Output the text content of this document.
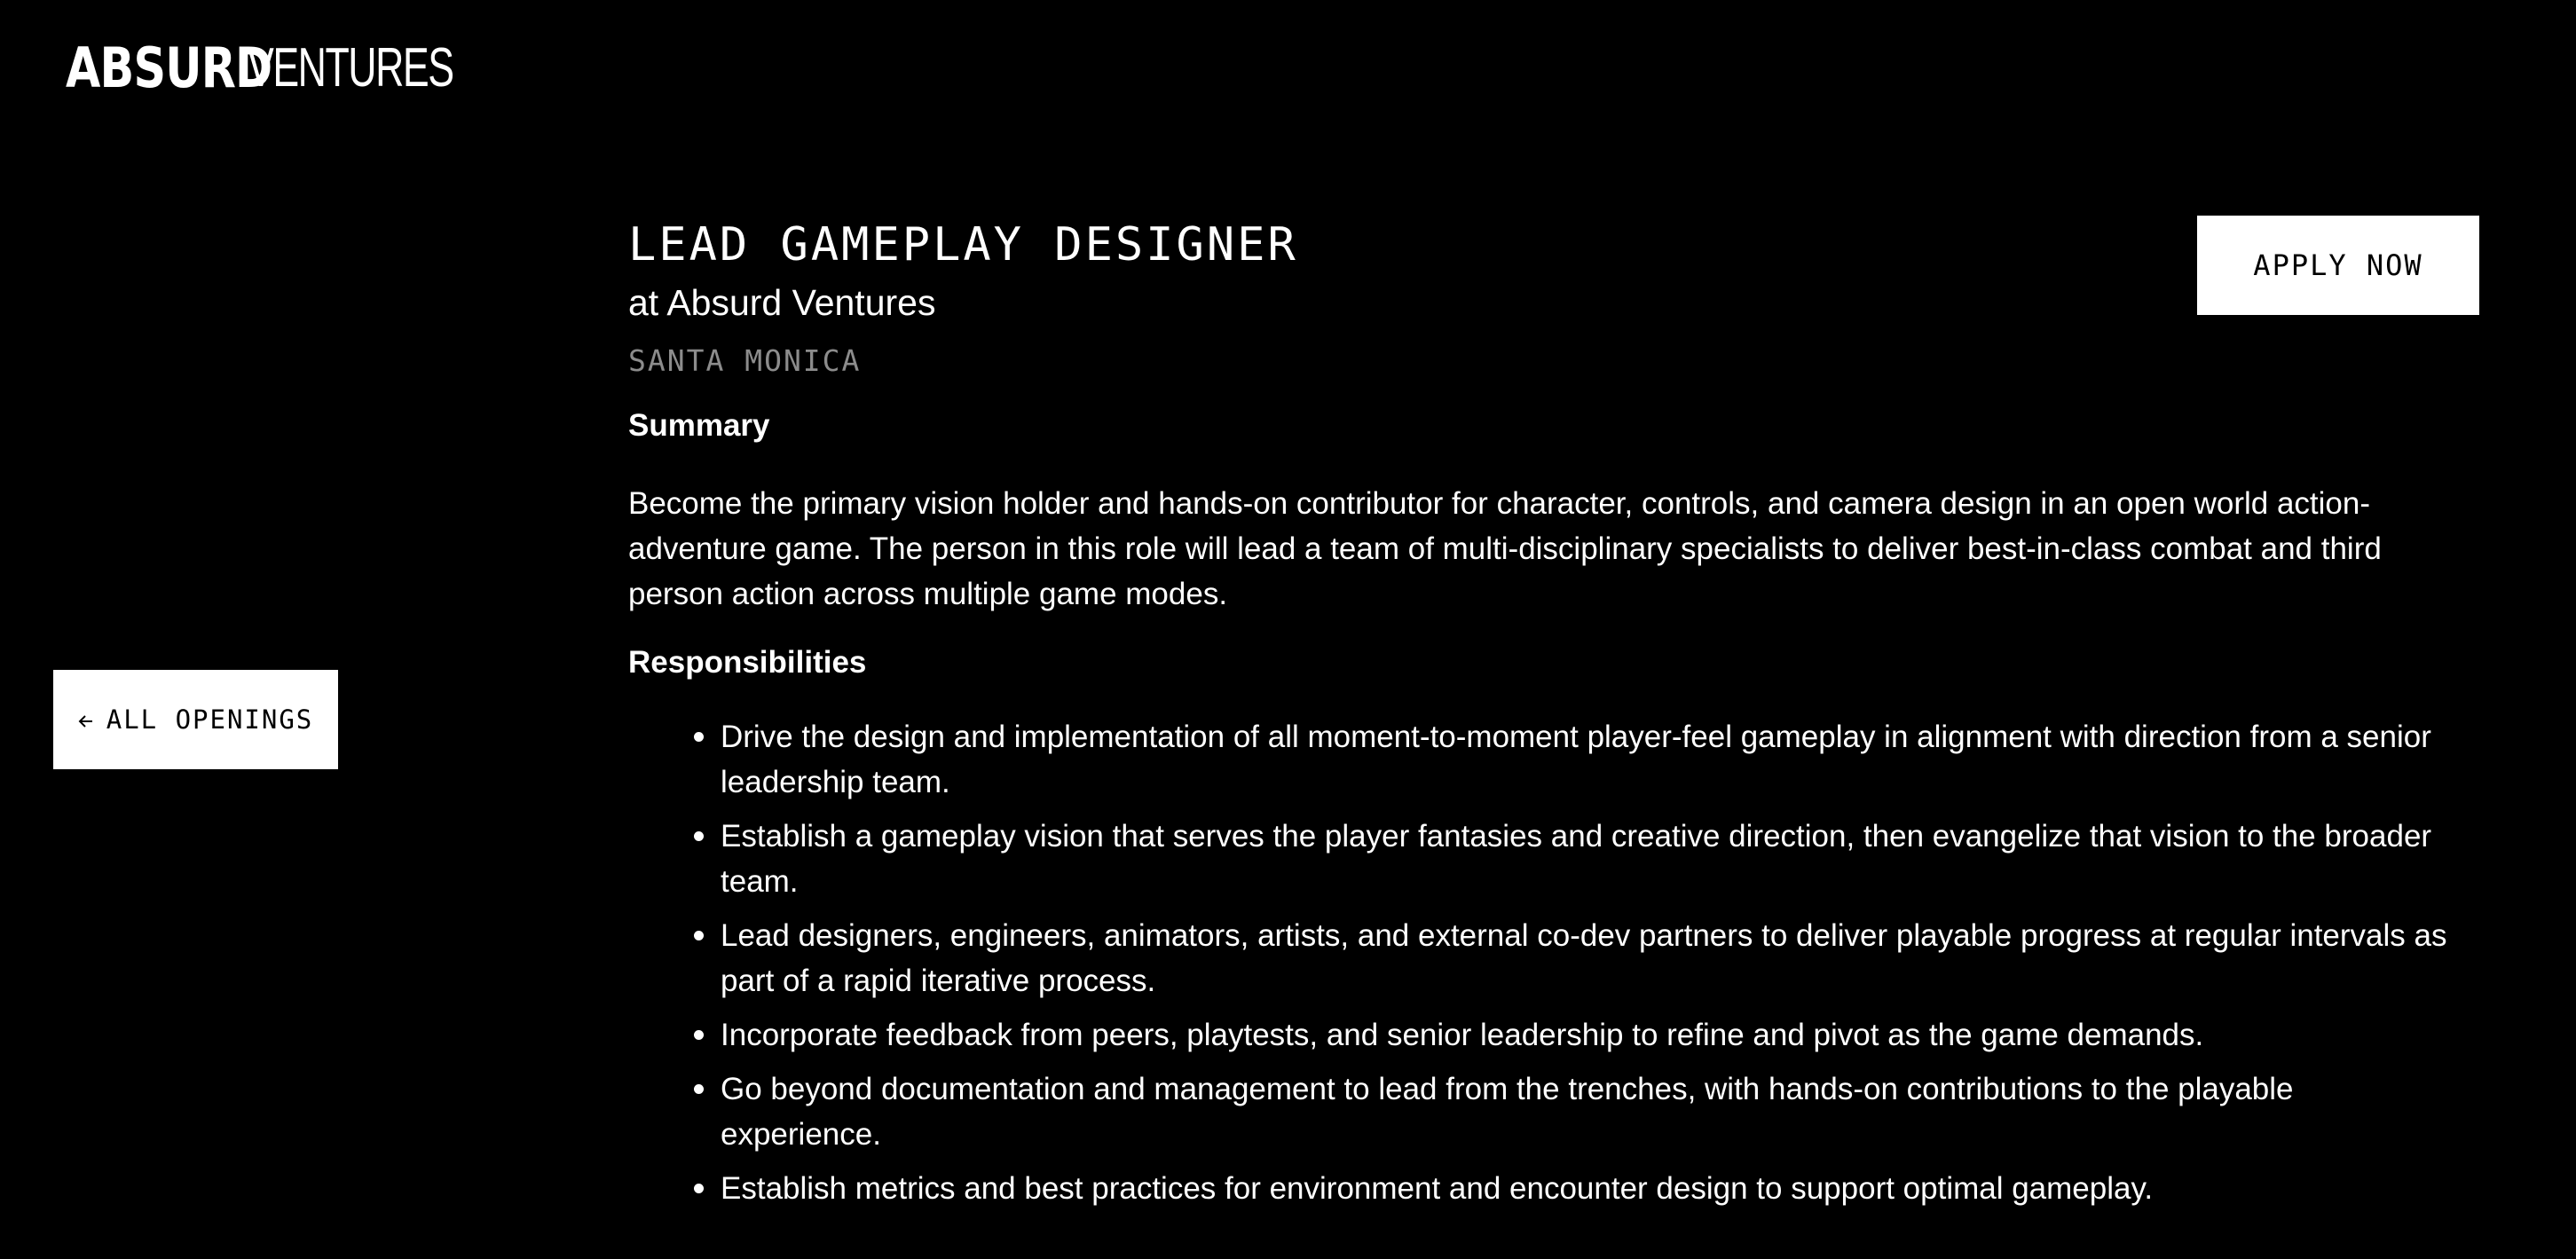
ABSURD
VENTURES
ALL OPENINGS
APPLY NOW
LEAD GAMEPLAY DESIGNER

at Absurd Ventures

SANTA MONICA
Summary

Become the primary vision holder and hands-on contributor for character, controls, and camera design in an open world action-adventure game. The person in this role will lead a team of multi-disciplinary specialists to deliver best-in-class combat and third person action across multiple game modes.

Responsibilities
Drive the design and implementation of all moment-to-moment player-feel gameplay in alignment with direction from a senior leadership team.
Establish a gameplay vision that serves the player fantasies and creative direction, then evangelize that vision to the broader team.
Lead designers, engineers, animators, artists, and external co-dev partners to deliver playable progress at regular intervals as part of a rapid iterative process.
Incorporate feedback from peers, playtests, and senior leadership to refine and pivot as the game demands.
Go beyond documentation and management to lead from the trenches, with hands-on contributions to the playable experience.
Establish metrics and best practices for environment and encounter design to support optimal gameplay.
